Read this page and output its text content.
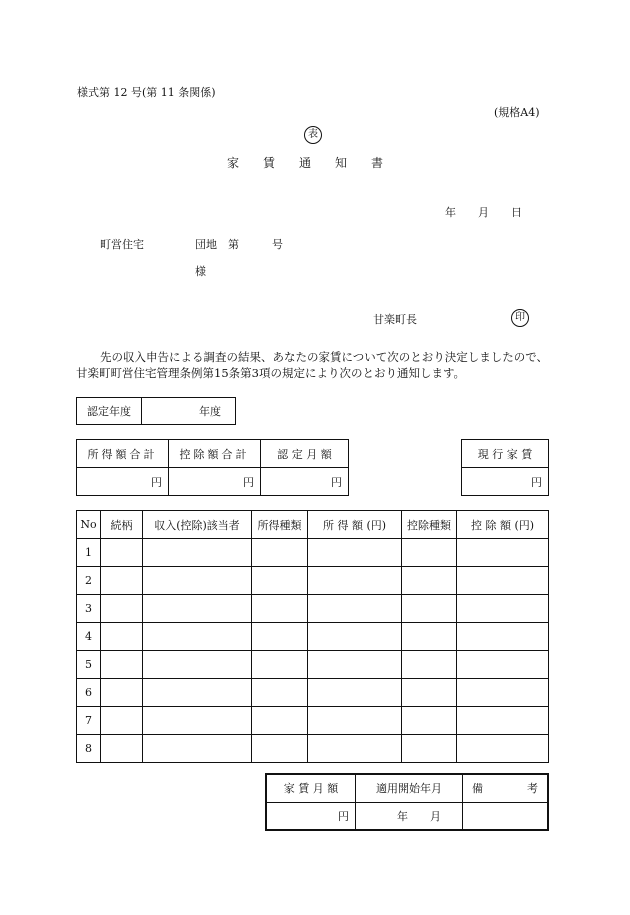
様式第 12 号(第 11 条関係)
(規格A4)
表
家　　賃　　通　　知　　書
年　　月　　日
町営住宅	団地　第　　　号
様
甘楽町長	印
先の収入申告による調査の結果、あなたの家賃について次のとおり決定しましたので、甘楽町町営住宅管理条例第15条第3項の規定により次のとおり通知します。
認定年度	年度
所得額合計	控除額合計	認 定 月 額
円	円	円
現 行 家 賃
円
No	続柄	収入(控除)該当者	所得種類	所 得 額 (円)	控除種類	控 除 額 (円)
1						
2						
3						
4						
5						
6						
7						
8						
家 賃 月 額	適用開始年月	備　　　　考
円	年　　月	
